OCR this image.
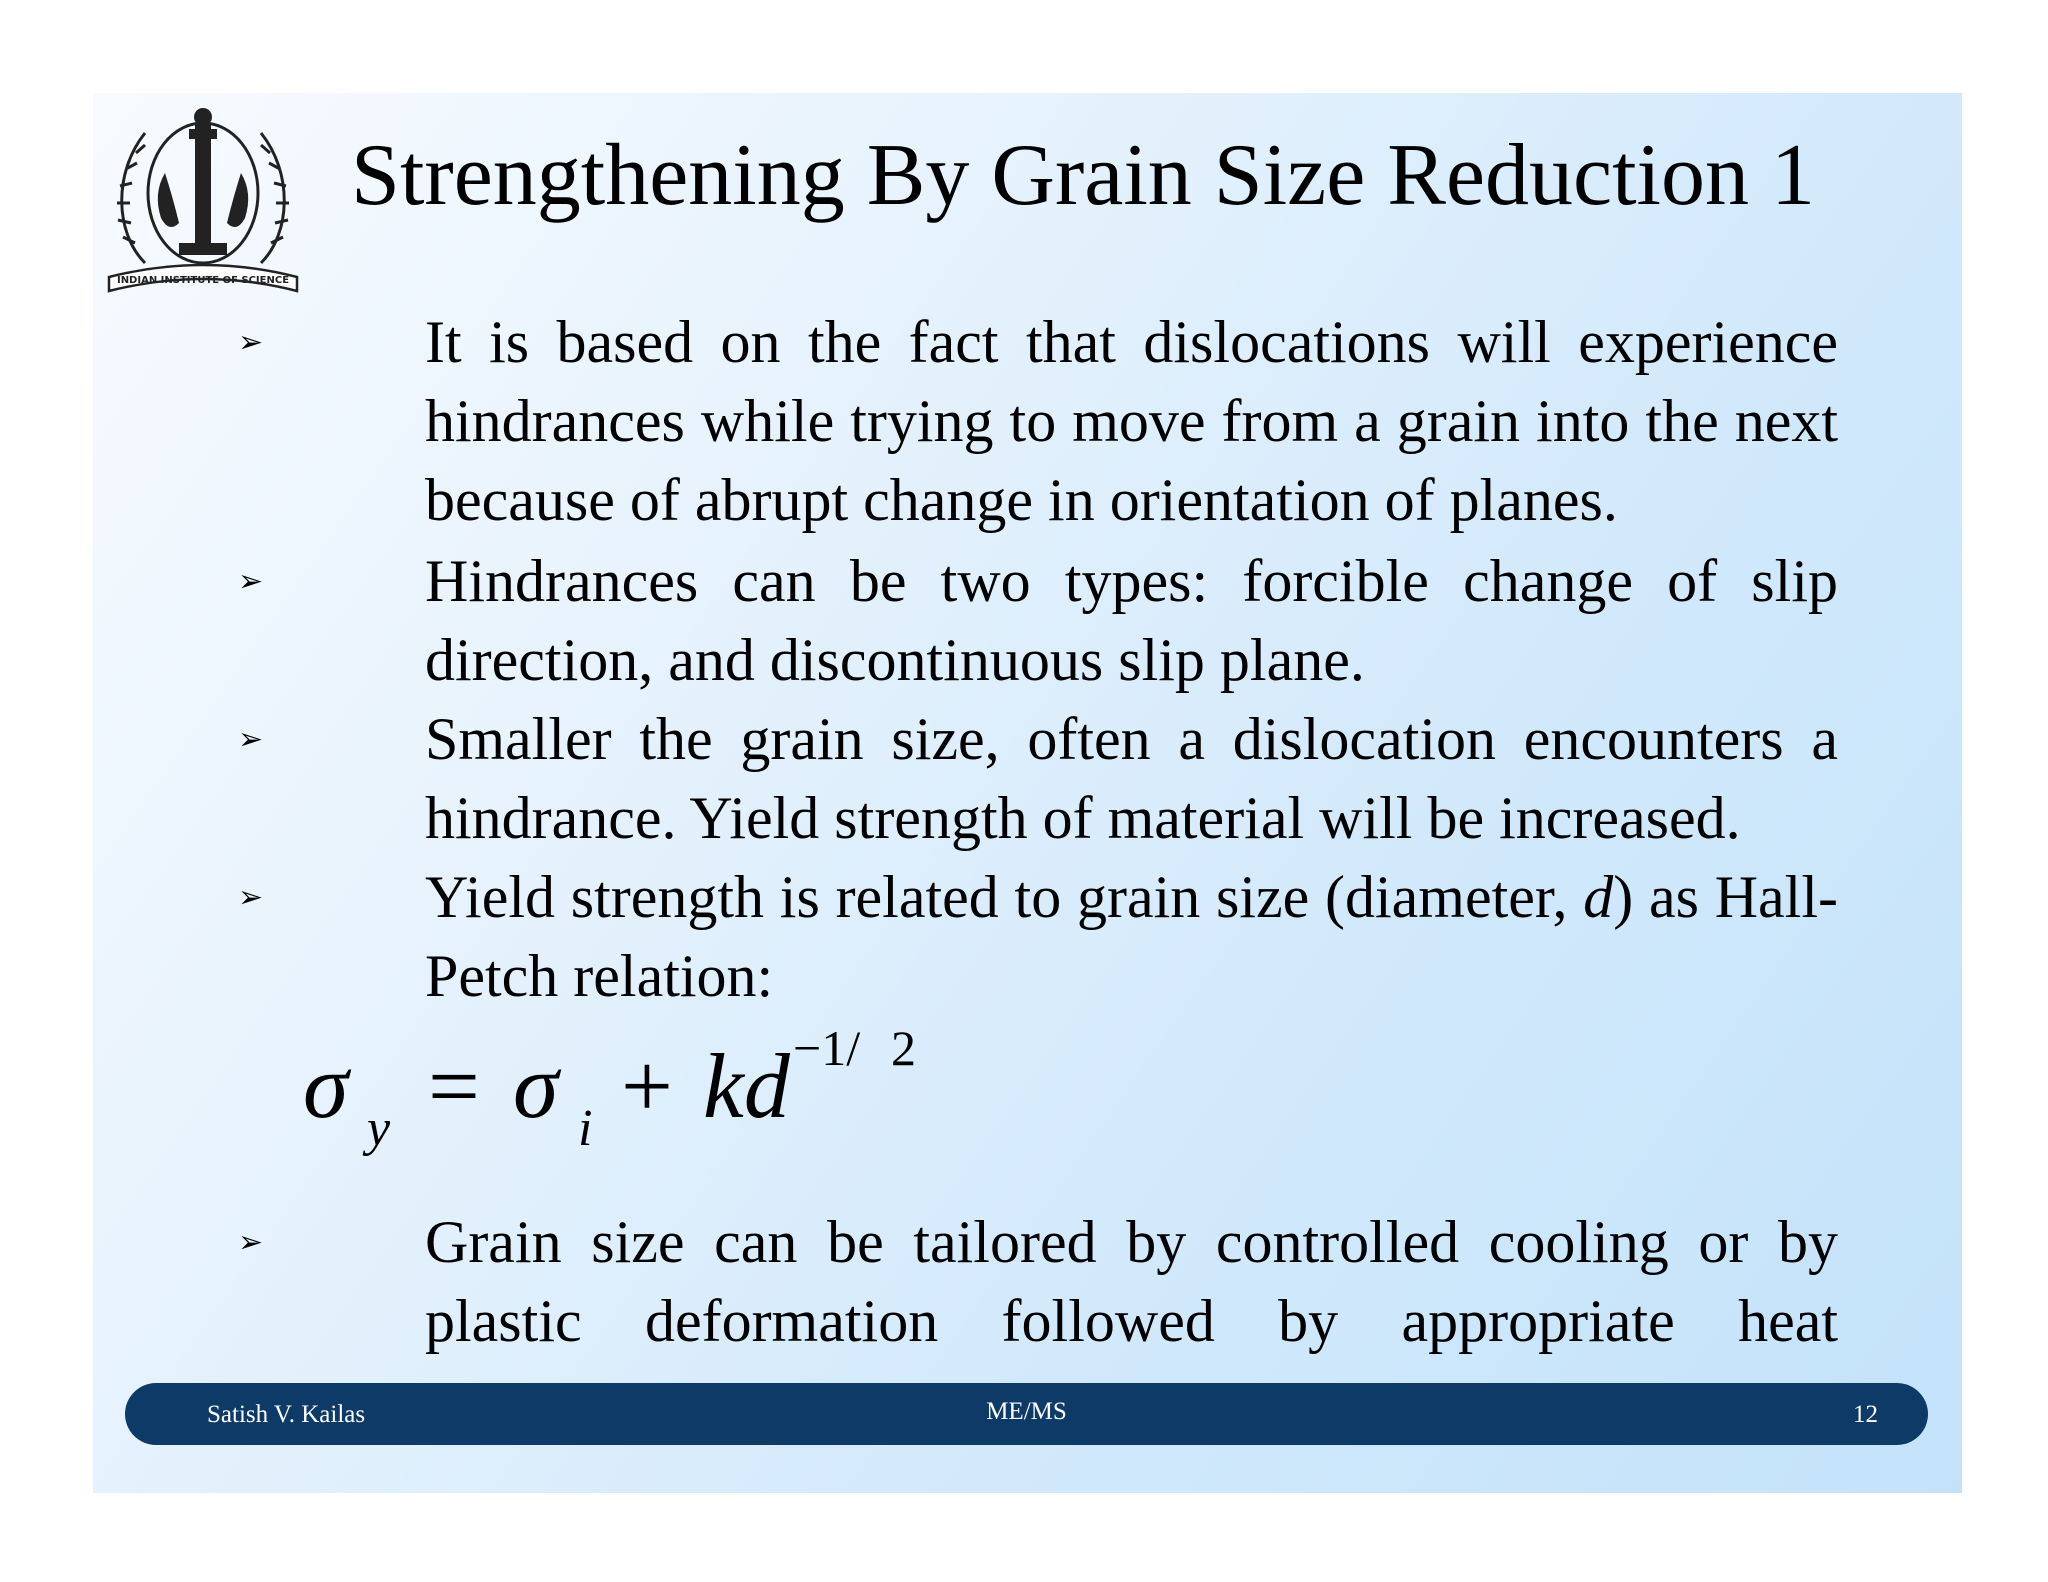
INDIAN INSTITUTE OF SCIENCE
Strengthening By Grain Size Reduction 1

➢	It is based on the fact that dislocations will experience hindrances while trying to move from a grain into the next because of abrupt change in orientation of planes.

➢	Hindrances can be two types: forcible change of slip direction, and discontinuous slip plane.

➢	Smaller the grain size, often a dislocation encounters a hindrance. Yield strength of material will be increased.

➢	Yield strength is related to grain size (diameter, d) as Hall-Petch relation:

σ y = σ i + kd −1/ 2

➢	Grain size can be tailored by controlled cooling or by plastic deformation followed by appropriate heat

Satish V. Kailas	ME/MS	12
